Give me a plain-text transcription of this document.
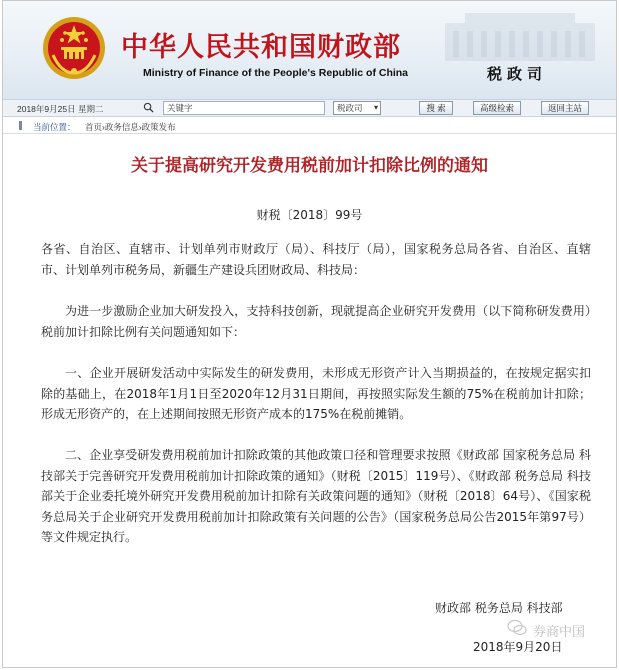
中华人民共和国财政部
Ministry of Finance of the People's Republic of China	税政司
2018年9月25日 星期二	关键字	税政司 ▾	搜 索	高级检索	返回主站
当前位置： 首页›政务信息›政策发布
关于提高研究开发费用税前加计扣除比例的通知
财税〔2018〕99号
各省、自治区、直辖市、计划单列市财政厅（局）、科技厅（局），国家税务总局各省、自治区、直辖市、计划单列市税务局，新疆生产建设兵团财政局、科技局：
为进一步激励企业加大研发投入，支持科技创新，现就提高企业研究开发费用（以下简称研发费用）税前加计扣除比例有关问题通知如下：
一、企业开展研发活动中实际发生的研发费用，未形成无形资产计入当期损益的，在按规定据实扣除的基础上，在2018年1月1日至2020年12月31日期间，再按照实际发生额的75%在税前加计扣除；形成无形资产的，在上述期间按照无形资产成本的175%在税前摊销。
二、企业享受研发费用税前加计扣除政策的其他政策口径和管理要求按照《财政部 国家税务总局 科技部关于完善研究开发费用税前加计扣除政策的通知》（财税〔2015〕119号）、《财政部 税务总局 科技部关于企业委托境外研究开发费用税前加计扣除有关政策问题的通知》（财税〔2018〕64号）、《国家税务总局关于企业研究开发费用税前加计扣除政策有关问题的公告》（国家税务总局公告2015年第97号）等文件规定执行。
财政部 税务总局 科技部
券商中国
2018年9月20日
